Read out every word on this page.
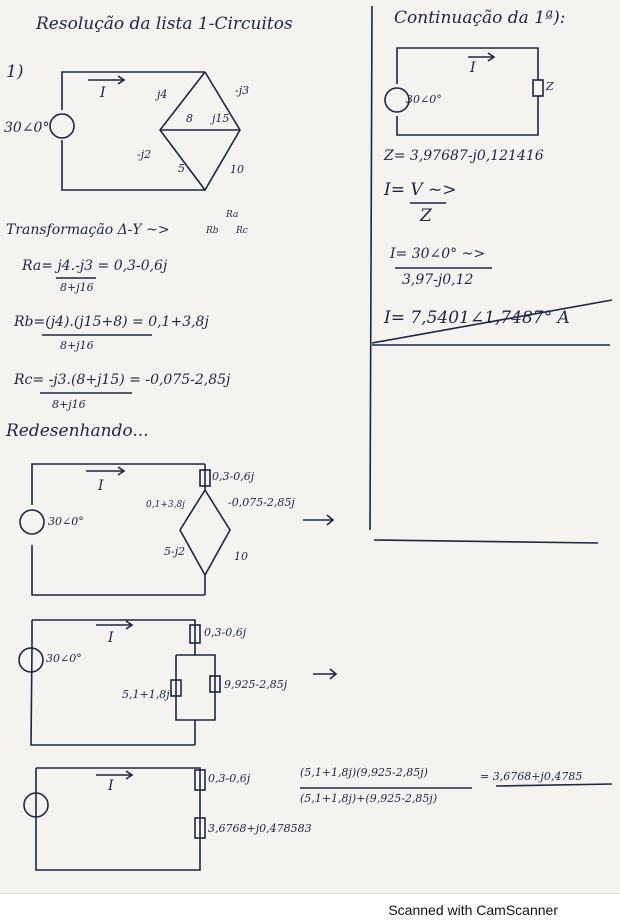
Resolução da lista 1-Circuitos	Continuação da 1ª):
1)
30∠0°
I	j4	-j3
8 j15
-j2
5	10
Transformação Δ-Y ~>
Ra
Rb Rc
Ra= j4.-j3 = 0,3-0,6j
8+j16
Rb=(j4).(j15+8) = 0,1+3,8j
8+j16
Rc= -j3.(8+j15) = -0,075-2,85j
8+j16
Redesenhando...
I
30∠0°
0,3-0,6j
0,1+3,8j	-0,075-2,85j
5-j2	10
I
30∠0°
0,3-0,6j
5,1+1,8j
9,925-2,85j
I	0,3-0,6j
3,6768+j0,478583
(5,1+1,8j)(9,925-2,85j)
(5,1+1,8j)+(9,925-2,85j)
= 3,6768+j0,4785
I
30∠0°
Z
Z= 3,97687-j0,121416
I= V ~>
Z
I= 30∠0° ~>
3,97-j0,12
I= 7,5401∠1,7487° A
Scanned with CamScanner
